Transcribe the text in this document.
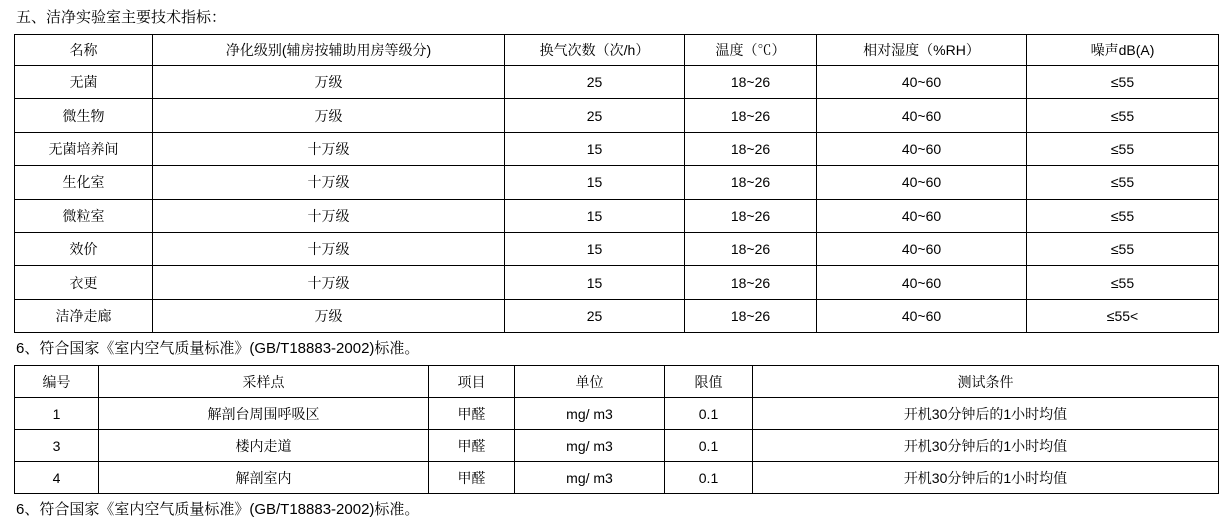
五、洁净实验室主要技术指标：
名称	净化级别(辅房按辅助用房等级分)	换气次数（次/h）	温度（℃）	相对湿度（%RH）	噪声dB(A)
无菌	万级	25	18~26	40~60	≤55
微生物	万级	25	18~26	40~60	≤55
无菌培养间	十万级	15	18~26	40~60	≤55
生化室	十万级	15	18~26	40~60	≤55
微粒室	十万级	15	18~26	40~60	≤55
效价	十万级	15	18~26	40~60	≤55
衣更	十万级	15	18~26	40~60	≤55
洁净走廊	万级	25	18~26	40~60	≤55<
6、符合国家《室内空气质量标准》(GB/T18883-2002)标准。
编号	采样点	项目	单位	限值	测试条件
1	解剖台周围呼吸区	甲醛	mg/ m3	0.1	开机30分钟后的1小时均值
3	楼内走道	甲醛	mg/ m3	0.1	开机30分钟后的1小时均值
4	解剖室内	甲醛	mg/ m3	0.1	开机30分钟后的1小时均值
6、符合国家《室内空气质量标准》(GB/T18883-2002)标准。
